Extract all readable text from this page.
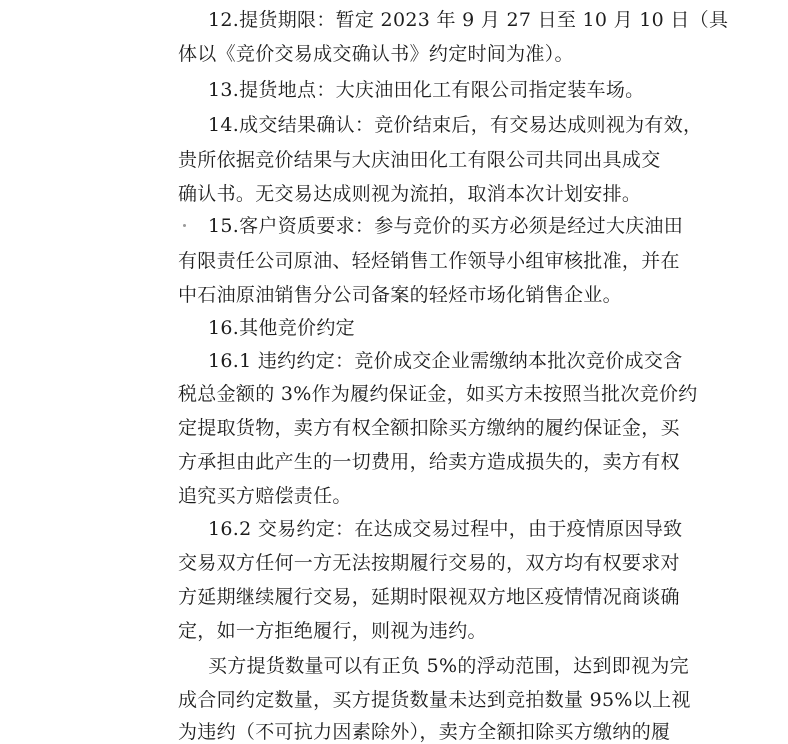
12.提货期限：暂定 2023 年 9 月 27 日至 10 月 10 日（具
体以《竞价交易成交确认书》约定时间为准）。
13.提货地点：大庆油田化工有限公司指定装车场。
14.成交结果确认：竞价结束后，有交易达成则视为有效，
贵所依据竞价结果与大庆油田化工有限公司共同出具成交
确认书。无交易达成则视为流拍，取消本次计划安排。
15.客户资质要求：参与竞价的买方必须是经过大庆油田
有限责任公司原油、轻烃销售工作领导小组审核批准，并在
中石油原油销售分公司备案的轻烃市场化销售企业。
16.其他竞价约定
16.1 违约约定：竞价成交企业需缴纳本批次竞价成交含
税总金额的 3%作为履约保证金，如买方未按照当批次竞价约
定提取货物，卖方有权全额扣除买方缴纳的履约保证金，买
方承担由此产生的一切费用，给卖方造成损失的，卖方有权
追究买方赔偿责任。
16.2 交易约定：在达成交易过程中，由于疫情原因导致
交易双方任何一方无法按期履行交易的，双方均有权要求对
方延期继续履行交易，延期时限视双方地区疫情情况商谈确
定，如一方拒绝履行，则视为违约。
买方提货数量可以有正负 5%的浮动范围，达到即视为完
成合同约定数量，买方提货数量未达到竞拍数量 95%以上视
为违约（不可抗力因素除外），卖方全额扣除买方缴纳的履
